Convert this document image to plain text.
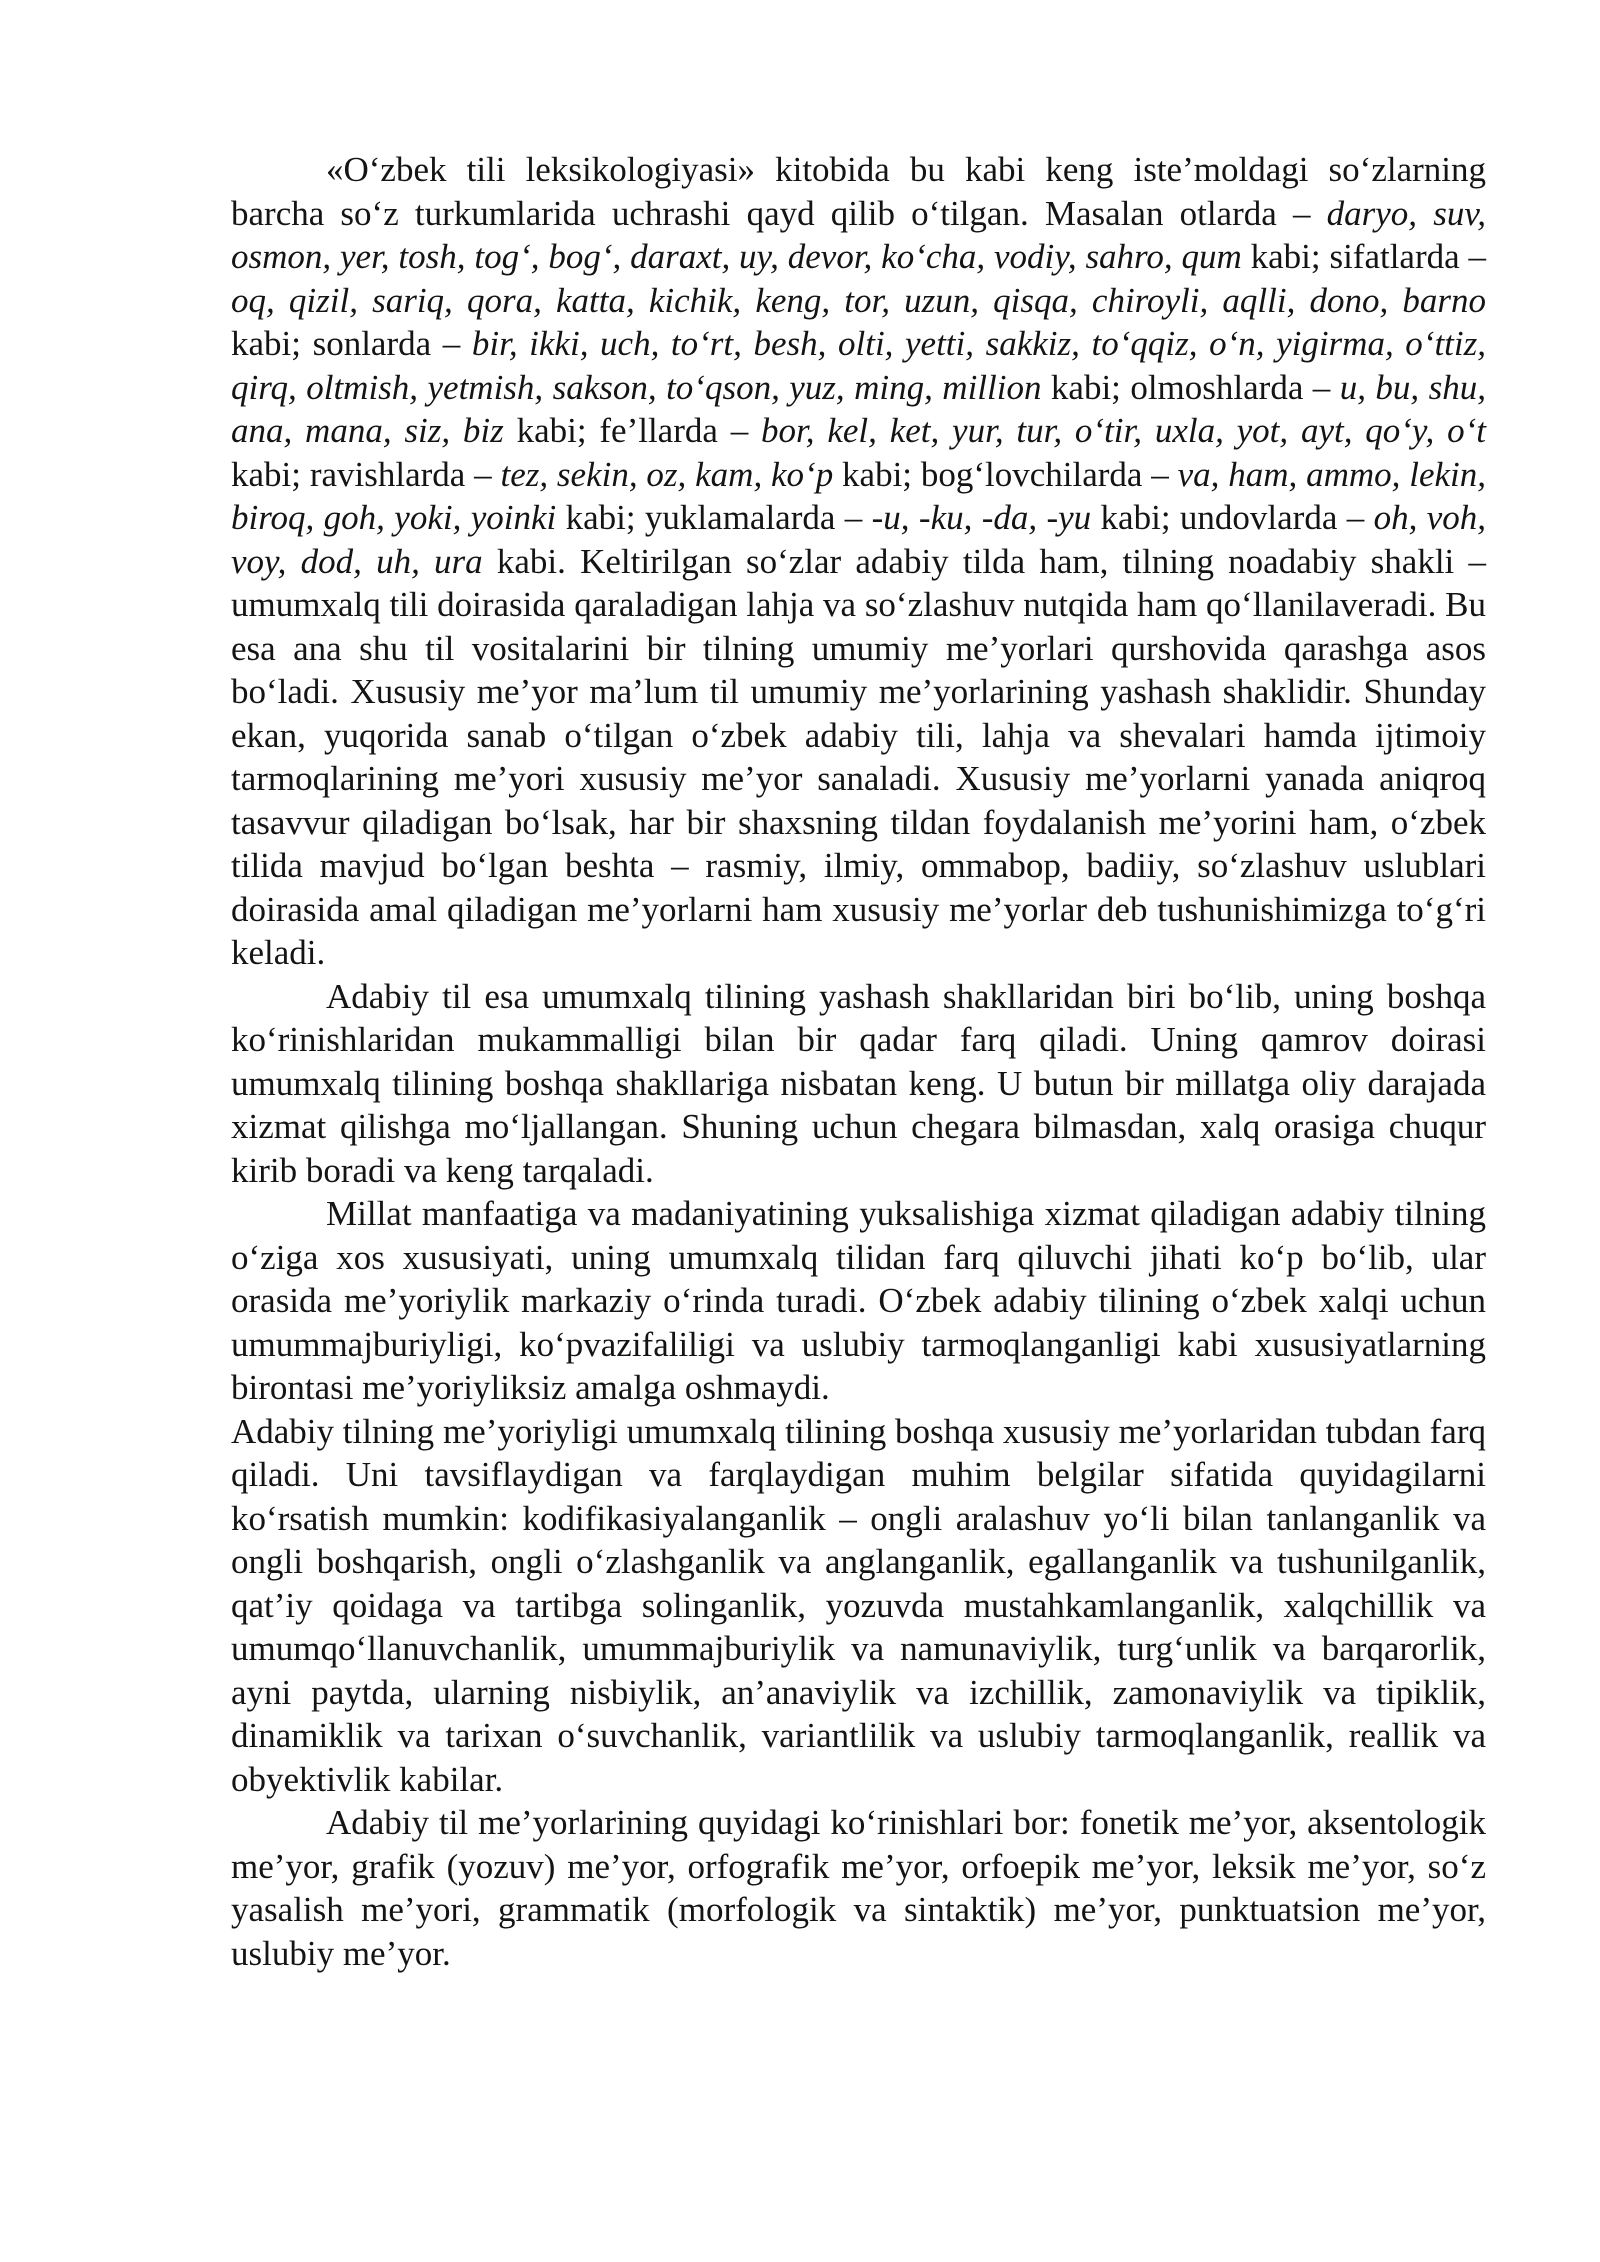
«O‘zbek tili leksikologiyasi» kitobida bu kabi keng iste’moldagi so‘zlarning barcha so‘z turkumlarida uchrashi qayd qilib o‘tilgan. Masalan otlarda – daryo, suv, osmon, yer, tosh, tog‘, bog‘, daraxt, uy, devor, ko‘cha, vodiy, sahro, qum kabi; sifatlarda – oq, qizil, sariq, qora, katta, kichik, keng, tor, uzun, qisqa, chiroyli, aqlli, dono, barno kabi; sonlarda – bir, ikki, uch, to‘rt, besh, olti, yetti, sakkiz, to‘qqiz, o‘n, yigirma, o‘ttiz, qirq, oltmish, yetmish, sakson, to‘qson, yuz, ming, million kabi; olmoshlarda – u, bu, shu, ana, mana, siz, biz kabi; fe’llarda – bor, kel, ket, yur, tur, o‘tir, uxla, yot, ayt, qo‘y, o‘t kabi; ravishlarda – tez, sekin, oz, kam, ko‘p kabi; bog‘lovchilarda – va, ham, ammo, lekin, biroq, goh, yoki, yoinki kabi; yuklamalarda – -u, -ku, -da, -yu kabi; undovlarda – oh, voh, voy, dod, uh, ura kabi. Keltirilgan so‘zlar adabiy tilda ham, tilning noadabiy shakli – umumxalq tili doirasida qaraladigan lahja va so‘zlashuv nutqida ham qo‘llanilaveradi. Bu esa ana shu til vositalarini bir tilning umumiy me’yorlari qurshovida qarashga asos bo‘ladi. Xususiy me’yor ma’lum til umumiy me’yorlarining yashash shaklidir. Shunday ekan, yuqorida sanab o‘tilgan o‘zbek adabiy tili, lahja va shevalari hamda ijtimoiy tarmoqlarining me’yori xususiy me’yor sanaladi. Xususiy me’yorlarni yanada aniqroq tasavvur qiladigan bo‘lsak, har bir shaxsning tildan foydalanish me’yorini ham, o‘zbek tilida mavjud bo‘lgan beshta – rasmiy, ilmiy, ommabop, badiiy, so‘zlashuv uslublari doirasida amal qiladigan me’yorlarni ham xususiy me’yorlar deb tushunishimizga to‘g‘ri keladi.

Adabiy til esa umumxalq tilining yashash shakllaridan biri bo‘lib, uning boshqa ko‘rinishlaridan mukammalligi bilan bir qadar farq qiladi. Uning qamrov doirasi umumxalq tilining boshqa shakllariga nisbatan keng. U butun bir millatga oliy darajada xizmat qilishga mo‘ljallangan. Shuning uchun chegara bilmasdan, xalq orasiga chuqur kirib boradi va keng tarqaladi.

Millat manfaatiga va madaniyatining yuksalishiga xizmat qiladigan adabiy tilning o‘ziga xos xususiyati, uning umumxalq tilidan farq qiluvchi jihati ko‘p bo‘lib, ular orasida me’yoriylik markaziy o‘rinda turadi. O‘zbek adabiy tilining o‘zbek xalqi uchun umummajburiyligi, ko‘pvazifaliligi va uslubiy tarmoqlanganligi kabi xususiyatlarning birontasi me’yoriyliksiz amalga oshmaydi.

Adabiy tilning me’yoriyligi umumxalq tilining boshqa xususiy me’yorlaridan tubdan farq qiladi. Uni tavsiflaydigan va farqlaydigan muhim belgilar sifatida quyidagilarni ko‘rsatish mumkin: kodifikasiyalanganlik – ongli aralashuv yo‘li bilan tanlanganlik va ongli boshqarish, ongli o‘zlashganlik va anglanganlik, egallanganlik va tushunilganlik, qat’iy qoidaga va tartibga solinganlik, yozuvda mustahkamlanganlik, xalqchillik va umumqo‘llanuvchanlik, umummajburiylik va namunaviylik, turg‘unlik va barqarorlik, ayni paytda, ularning nisbiylik, an’anaviylik va izchillik, zamonaviylik va tipiklik, dinamiklik va tarixan o‘suvchanlik, variantlilik va uslubiy tarmoqlanganlik, reallik va obyektivlik kabilar.

Adabiy til me’yorlarining quyidagi ko‘rinishlari bor: fonetik me’yor, aksentologik me’yor, grafik (yozuv) me’yor, orfografik me’yor, orfoepik me’yor, leksik me’yor, so‘z yasalish me’yori, grammatik (morfologik va sintaktik) me’yor, punktuatsion me’yor, uslubiy me’yor.
